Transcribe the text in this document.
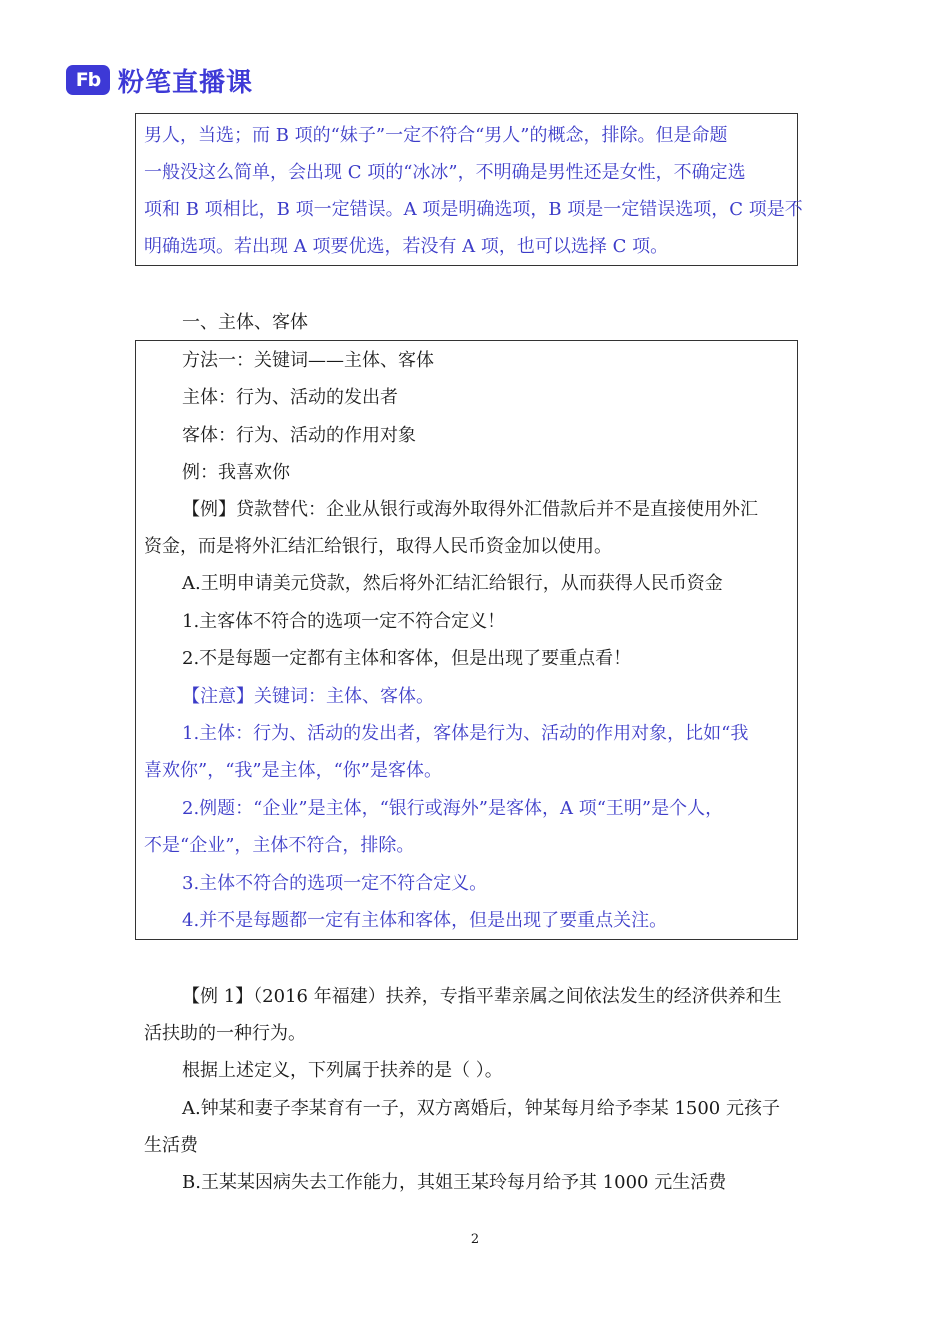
Fb 粉笔直播课
男人，当选；而 B 项的“妹子”一定不符合“男人”的概念，排除。但是命题
一般没这么简单，会出现 C 项的“冰冰”，不明确是男性还是女性，不确定选
项和 B 项相比，B 项一定错误。A 项是明确选项，B 项是一定错误选项，C 项是不
明确选项。若出现 A 项要优选，若没有 A 项，也可以选择 C 项。
一、主体、客体
方法一：关键词——主体、客体
主体：行为、活动的发出者
客体：行为、活动的作用对象
例：我喜欢你
【例】贷款替代：企业从银行或海外取得外汇借款后并不是直接使用外汇
资金，而是将外汇结汇给银行，取得人民币资金加以使用。
A.王明申请美元贷款，然后将外汇结汇给银行，从而获得人民币资金
1.主客体不符合的选项一定不符合定义！
2.不是每题一定都有主体和客体，但是出现了要重点看！
【注意】关键词：主体、客体。
1.主体：行为、活动的发出者，客体是行为、活动的作用对象，比如“我
喜欢你”，“我”是主体，“你”是客体。
2.例题：“企业”是主体，“银行或海外”是客体，A 项“王明”是个人，
不是“企业”，主体不符合，排除。
3.主体不符合的选项一定不符合定义。
4.并不是每题都一定有主体和客体，但是出现了要重点关注。
【例 1】（2016 年福建）扶养，专指平辈亲属之间依法发生的经济供养和生
活扶助的一种行为。
根据上述定义，下列属于扶养的是（ ）。
A.钟某和妻子李某育有一子，双方离婚后，钟某每月给予李某 1500 元孩子
生活费
B.王某某因病失去工作能力，其姐王某玲每月给予其 1000 元生活费
2
